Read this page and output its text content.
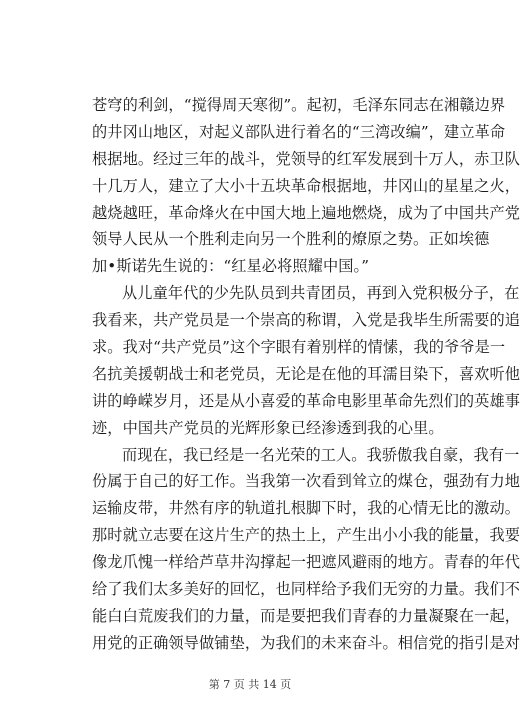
苍穹的利剑，“搅得周天寒彻”。起初，毛泽东同志在湘赣边界
的井冈山地区，对起义部队进行着名的“三湾改编”，建立革命
根据地。经过三年的战斗，党领导的红军发展到十万人，赤卫队
十几万人，建立了大小十五块革命根据地，井冈山的星星之火，
越烧越旺，革命烽火在中国大地上遍地燃烧，成为了中国共产党
领导人民从一个胜利走向另一个胜利的燎原之势。正如埃德
加•斯诺先生说的：“红星必将照耀中国。”
从儿童年代的少先队员到共青团员，再到入党积极分子，在
我看来，共产党员是一个崇高的称谓，入党是我毕生所需要的追
求。我对“共产党员”这个字眼有着别样的情愫，我的爷爷是一
名抗美援朝战士和老党员，无论是在他的耳濡目染下，喜欢听他
讲的峥嵘岁月，还是从小喜爱的革命电影里革命先烈们的英雄事
迹，中国共产党员的光辉形象已经渗透到我的心里。
而现在，我已经是一名光荣的工人。我骄傲我自豪，我有一
份属于自己的好工作。当我第一次看到耸立的煤仓，强劲有力地
运输皮带，井然有序的轨道扎根脚下时，我的心情无比的激动。
那时就立志要在这片生产的热土上，产生出小小我的能量，我要
像龙爪愧一样给芦草井沟撑起一把遮风避雨的地方。青春的年代
给了我们太多美好的回忆，也同样给予我们无穷的力量。我们不
能白白荒废我们的力量，而是要把我们青春的力量凝聚在一起，
用党的正确领导做铺垫，为我们的未来奋斗。相信党的指引是对
第 7 页 共 14 页
